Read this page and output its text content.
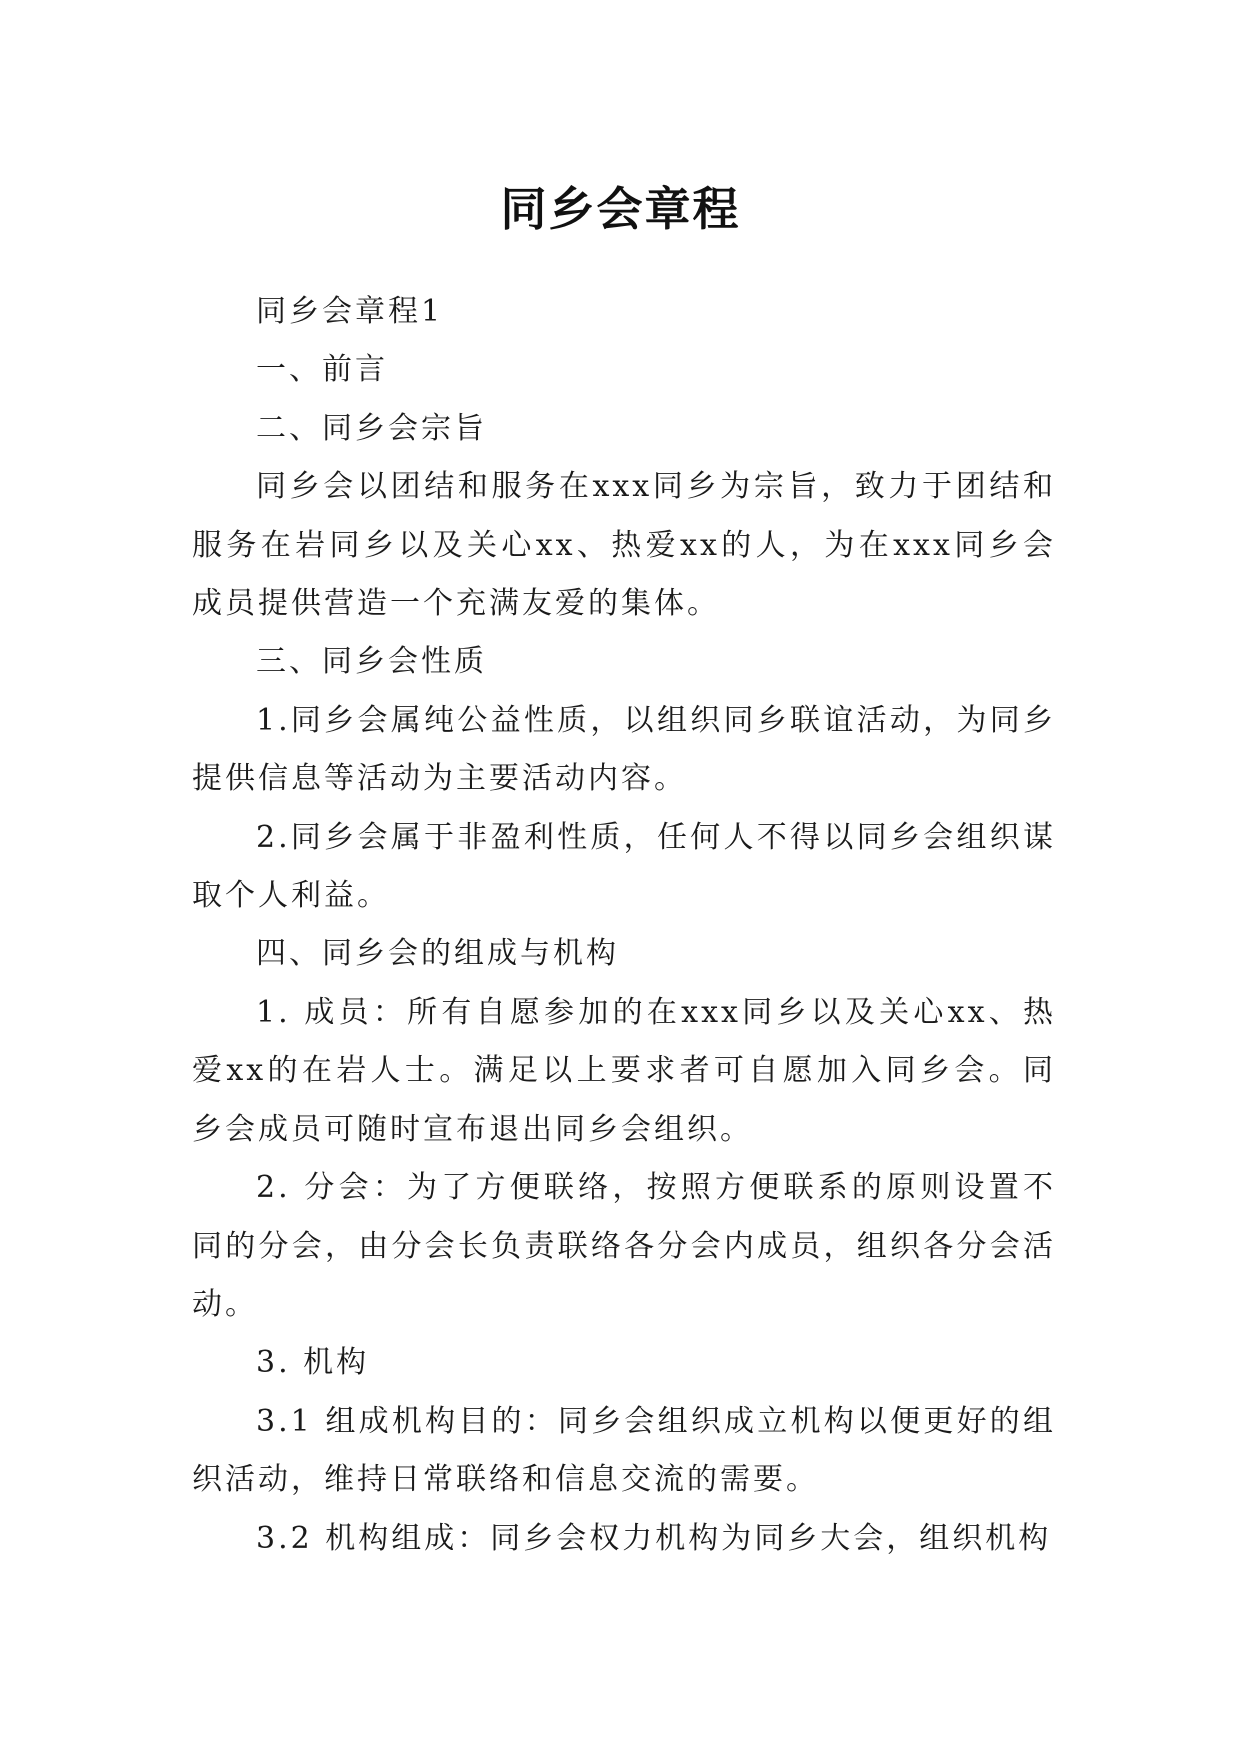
同乡会章程

同乡会章程1

一、前言

二、同乡会宗旨

同乡会以团结和服务在xxx同乡为宗旨，致力于团结和服务在岩同乡以及关心xx、热爱xx的人，为在xxx同乡会成员提供营造一个充满友爱的集体。

三、同乡会性质

1.同乡会属纯公益性质，以组织同乡联谊活动，为同乡提供信息等活动为主要活动内容。

2.同乡会属于非盈利性质，任何人不得以同乡会组织谋取个人利益。

四、同乡会的组成与机构

1. 成员：所有自愿参加的在xxx同乡以及关心xx、热爱xx的在岩人士。满足以上要求者可自愿加入同乡会。同乡会成员可随时宣布退出同乡会组织。

2. 分会：为了方便联络，按照方便联系的原则设置不同的分会，由分会长负责联络各分会内成员，组织各分会活动。

3. 机构

3.1 组成机构目的：同乡会组织成立机构以便更好的组织活动，维持日常联络和信息交流的需要。

3.2 机构组成：同乡会权力机构为同乡大会，组织机构
